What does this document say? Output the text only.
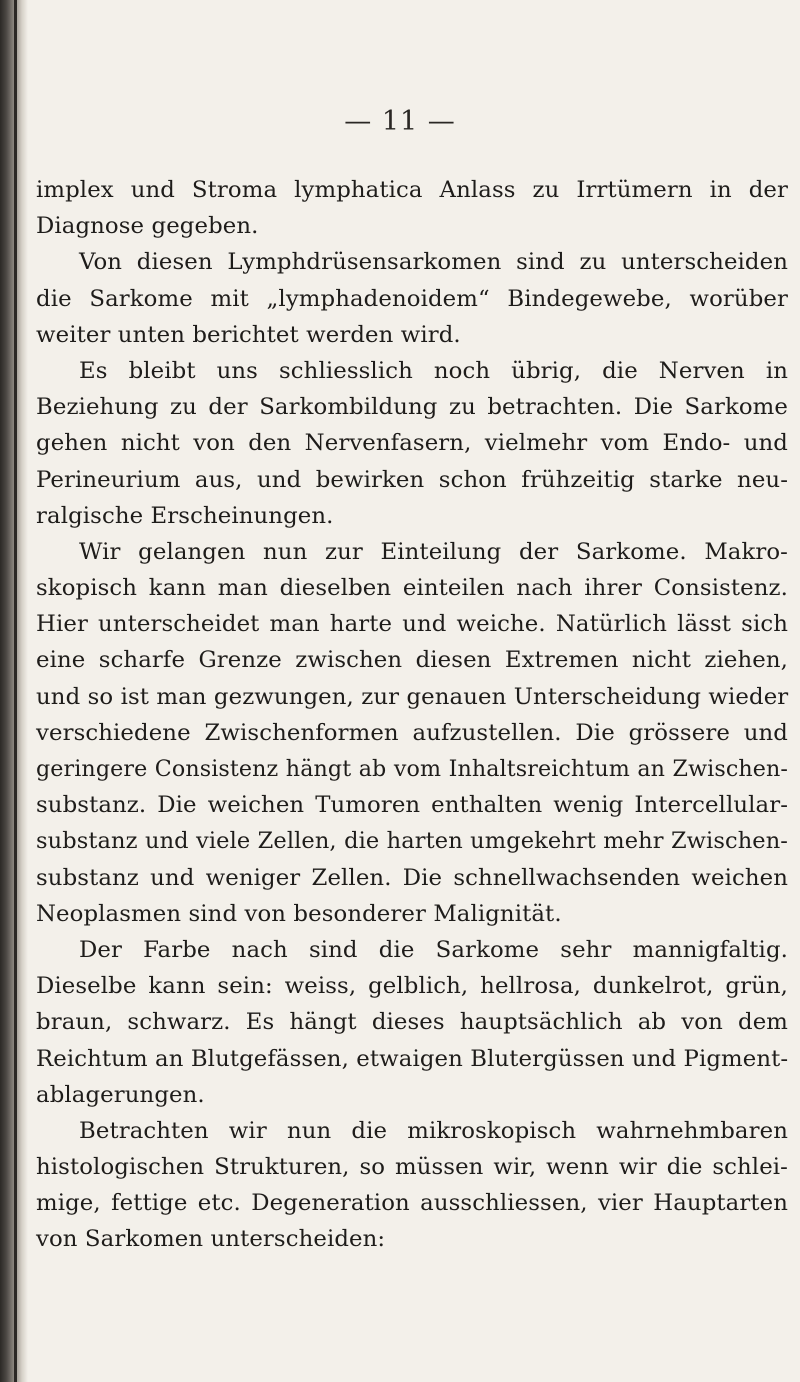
— 11 —
implex und Stroma lymphatica Anlass zu Irrtümern in der
Diagnose gegeben.
Von diesen Lymphdrüsensarkomen sind zu unterscheiden
die Sarkome mit „lymphadenoidem“ Bindegewebe, worüber
weiter unten berichtet werden wird.
Es bleibt uns schliesslich noch übrig, die Nerven in
Beziehung zu der Sarkombildung zu betrachten. Die Sarkome
gehen nicht von den Nervenfasern, vielmehr vom Endo- und
Perineurium aus, und bewirken schon frühzeitig starke neu-
ralgische Erscheinungen.
Wir gelangen nun zur Einteilung der Sarkome. Makro-
skopisch kann man dieselben einteilen nach ihrer Consistenz.
Hier unterscheidet man harte und weiche. Natürlich lässt sich
eine scharfe Grenze zwischen diesen Extremen nicht ziehen,
und so ist man gezwungen, zur genauen Unterscheidung wieder
verschiedene Zwischenformen aufzustellen. Die grössere und
geringere Consistenz hängt ab vom Inhaltsreichtum an Zwischen-
substanz. Die weichen Tumoren enthalten wenig Intercellular-
substanz und viele Zellen, die harten umgekehrt mehr Zwischen-
substanz und weniger Zellen. Die schnellwachsenden weichen
Neoplasmen sind von besonderer Malignität.
Der Farbe nach sind die Sarkome sehr mannigfaltig.
Dieselbe kann sein: weiss, gelblich, hellrosa, dunkelrot, grün,
braun, schwarz. Es hängt dieses hauptsächlich ab von dem
Reichtum an Blutgefässen, etwaigen Blutergüssen und Pigment-
ablagerungen.
Betrachten wir nun die mikroskopisch wahrnehmbaren
histologischen Strukturen, so müssen wir, wenn wir die schlei-
mige, fettige etc. Degeneration ausschliessen, vier Hauptarten
von Sarkomen unterscheiden:
